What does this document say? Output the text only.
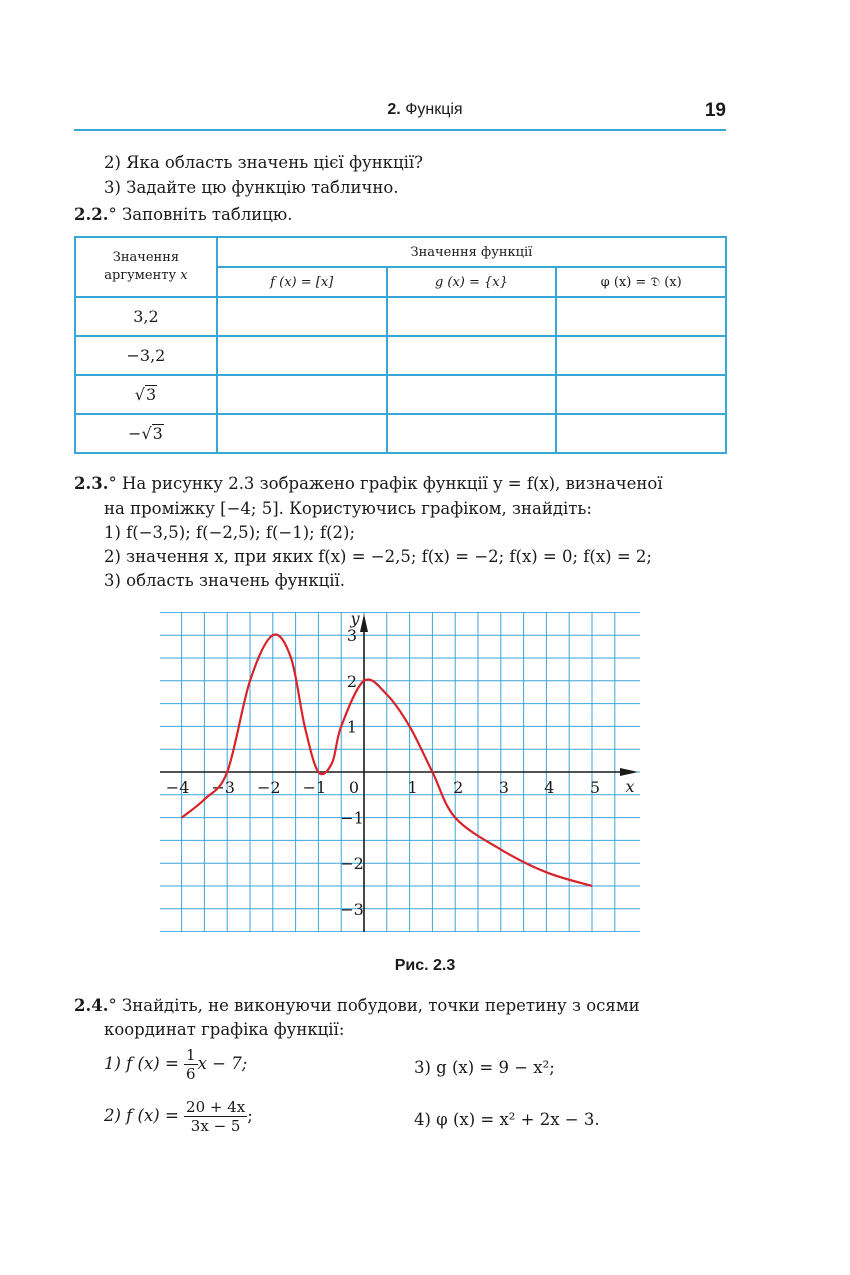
2. Функція	19
2) Яка область значень цієї функції?
3) Задайте цю функцію таблично.
2.2.° Заповніть таблицю.
Значення
аргументу x	Значення функції		
	f (x) = [x]	g (x) = {x}	φ (x) = 𝔇 (x)
3,2			
−3,2			
√3			
−√3			
2.3.° На рисунку 2.3 зображено графік функції y = f(x), визначеної
на проміжку [−4; 5]. Користуючись графіком, знайдіть:
1) f(−3,5); f(−2,5); f(−1); f(2);
2) значення x, при яких f(x) = −2,5; f(x) = −2; f(x) = 0; f(x) = 2;
3) область значень функції.
−4 −3 −2 −1 0	1 2 3 4 5
3
2
1
−1
−2
−3
x
y
Рис. 2.3
2.4.° Знайдіть, не виконуючи побудови, точки перетину з осями
координат графіка функції:
1) f $(x) = \frac{1}{6}$ x − 7;	3) g (x) = 9 − x²;
2) f $(x) = \frac{20 + 4x}{3x - 5}$ ;	4) φ (x) = x² + 2x − 3.
